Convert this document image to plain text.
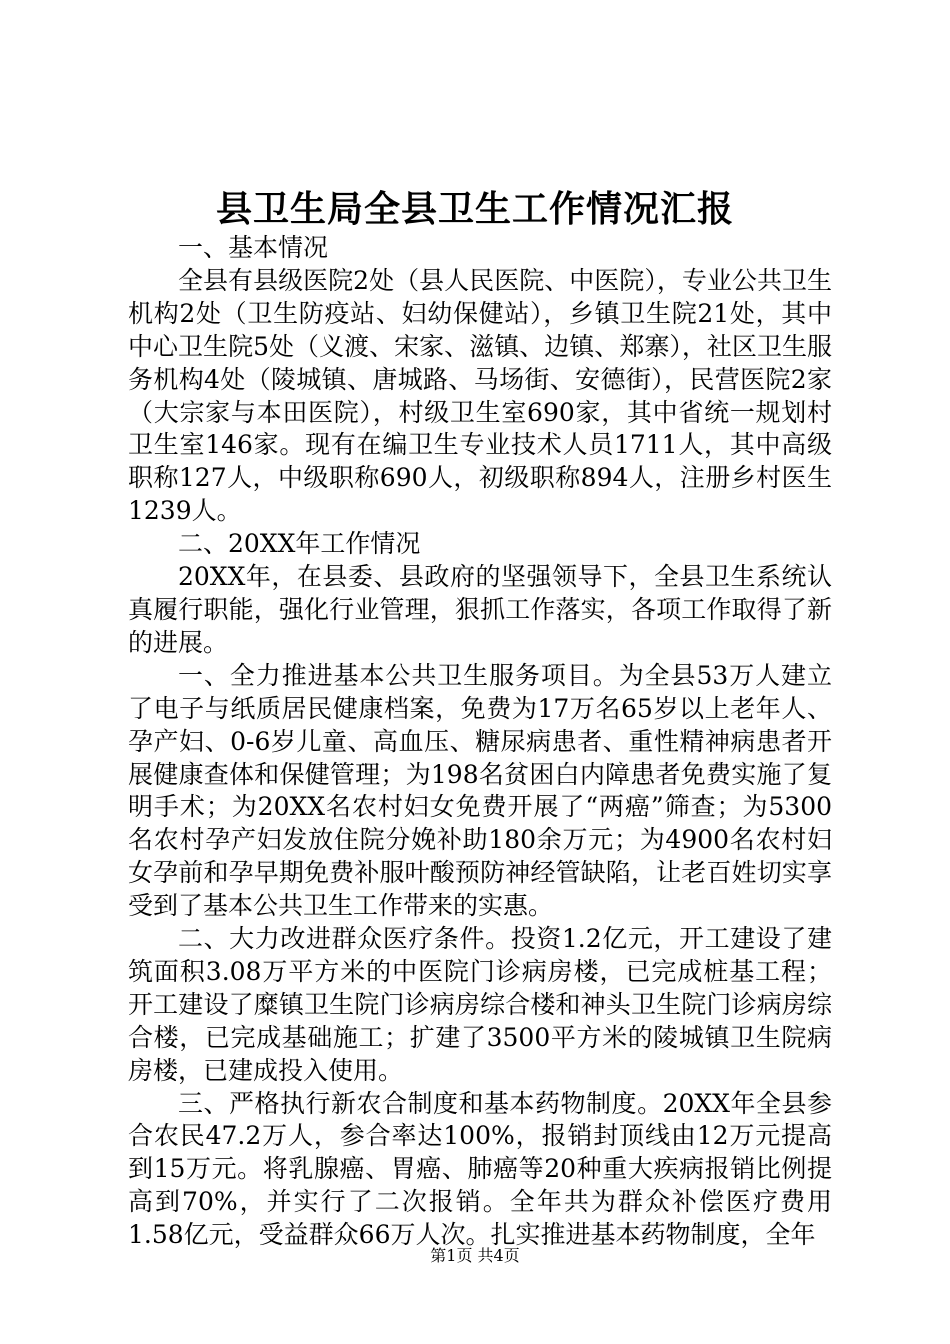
县卫生局全县卫生工作情况汇报

一、基本情况

全县有县级医院2处（县人民医院、中医院），专业公共卫生机构2处（卫生防疫站、妇幼保健站），乡镇卫生院21处，其中中心卫生院5处（义渡、宋家、滋镇、边镇、郑寨），社区卫生服务机构4处（陵城镇、唐城路、马场街、安德街），民营医院2家（大宗家与本田医院），村级卫生室690家，其中省统一规划村卫生室146家。现有在编卫生专业技术人员1711人，其中高级职称127人，中级职称690人，初级职称894人，注册乡村医生1239人。

二、20XX年工作情况

20XX年，在县委、县政府的坚强领导下，全县卫生系统认真履行职能，强化行业管理，狠抓工作落实，各项工作取得了新的进展。

一、全力推进基本公共卫生服务项目。为全县53万人建立了电子与纸质居民健康档案，免费为17万名65岁以上老年人、孕产妇、0-6岁儿童、高血压、糖尿病患者、重性精神病患者开展健康查体和保健管理；为198名贫困白内障患者免费实施了复明手术；为20XX名农村妇女免费开展了“两癌”筛查；为5300名农村孕产妇发放住院分娩补助180余万元；为4900名农村妇女孕前和孕早期免费补服叶酸预防神经管缺陷，让老百姓切实享受到了基本公共卫生工作带来的实惠。

二、大力改进群众医疗条件。投资1.2亿元，开工建设了建筑面积3.08万平方米的中医院门诊病房楼，已完成桩基工程；开工建设了糜镇卫生院门诊病房综合楼和神头卫生院门诊病房综合楼，已完成基础施工；扩建了3500平方米的陵城镇卫生院病房楼，已建成投入使用。

三、严格执行新农合制度和基本药物制度。20XX年全县参合农民47.2万人，参合率达100%，报销封顶线由12万元提高到15万元。将乳腺癌、胃癌、肺癌等20种重大疾病报销比例提高到70%，并实行了二次报销。全年共为群众补偿医疗费用1.58亿元，受益群众66万人次。扎实推进基本药物制度，全年

第1页 共4页
